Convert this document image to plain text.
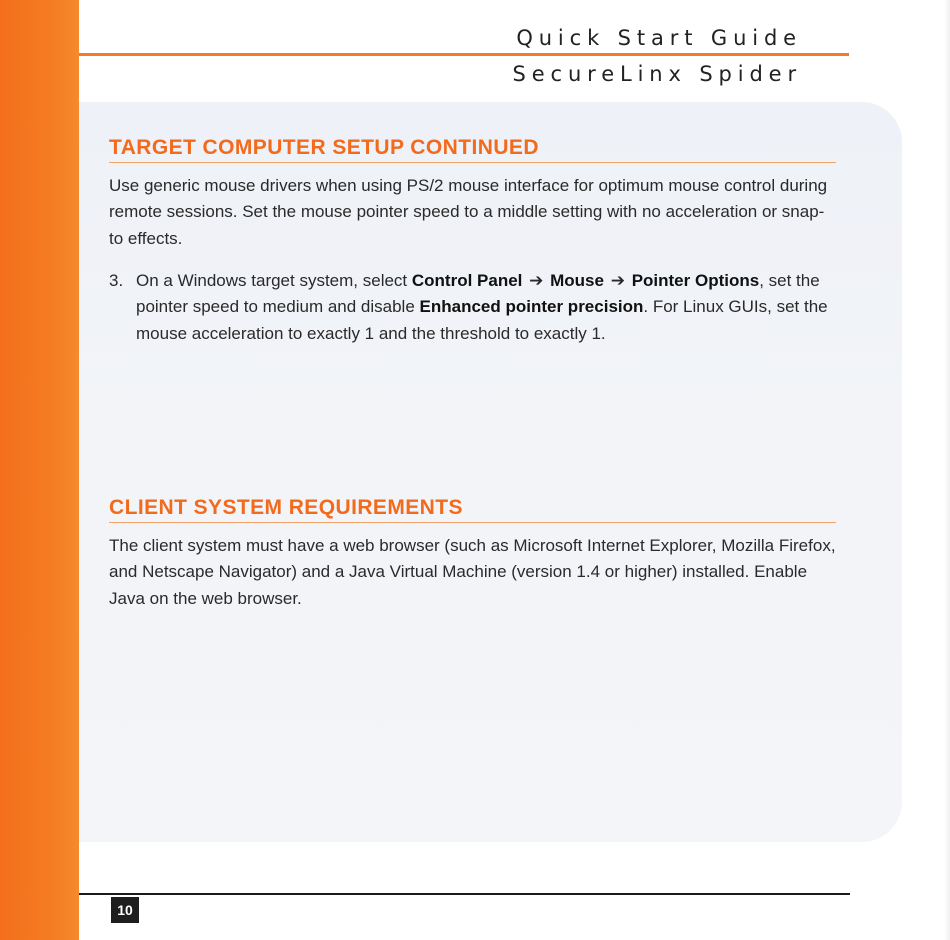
Quick Start Guide
SecureLinx Spider
TARGET COMPUTER SETUP CONTINUED

Use generic mouse drivers when using PS/2 mouse interface for optimum mouse control during remote sessions. Set the mouse pointer speed to a middle setting with no acceleration or snap-to effects.

3. On a Windows target system, select Control Panel ➔ Mouse ➔ Pointer Options, set the pointer speed to medium and disable Enhanced pointer precision. For Linux GUIs, set the mouse acceleration to exactly 1 and the threshold to exactly 1.
CLIENT SYSTEM REQUIREMENTS

The client system must have a web browser (such as Microsoft Internet Explorer, Mozilla Firefox, and Netscape Navigator) and a Java Virtual Machine (version 1.4 or higher) installed. Enable Java on the web browser.

10
